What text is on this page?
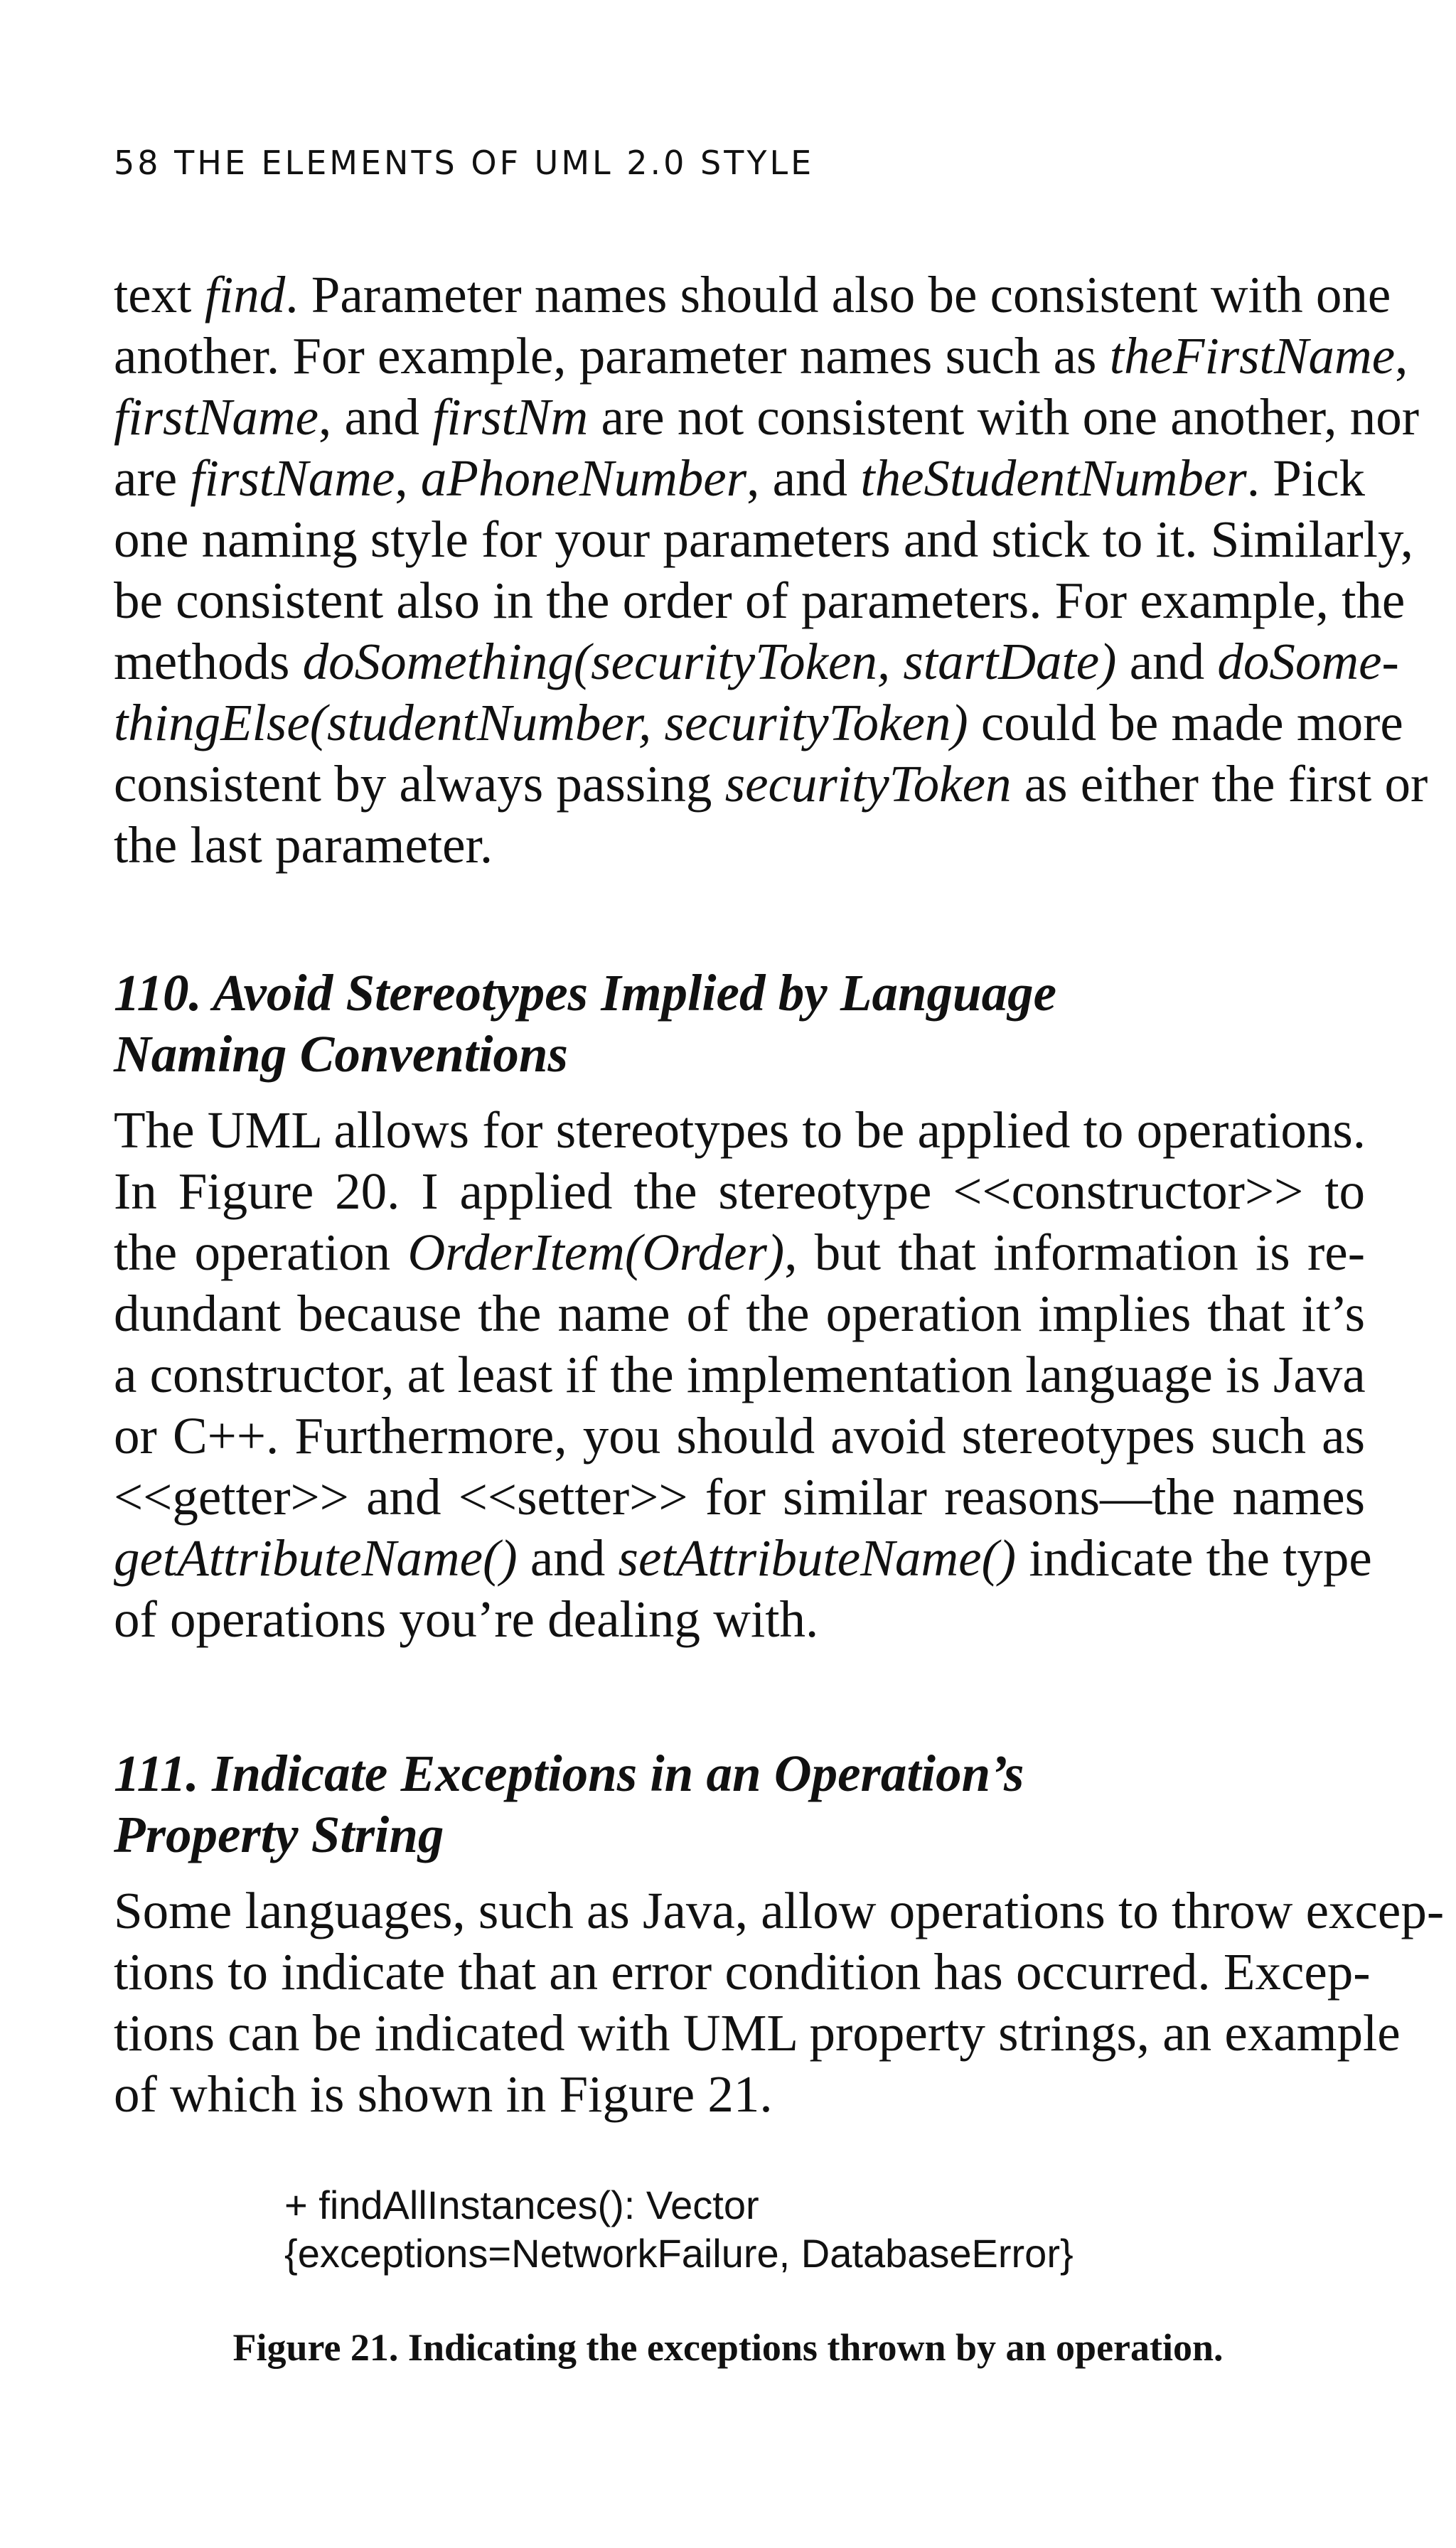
58 THE ELEMENTS OF UML 2.0 STYLE
text find. Parameter names should also be consistent with one
another. For example, parameter names such as theFirstName,
firstName, and firstNm are not consistent with one another, nor
are firstName, aPhoneNumber, and theStudentNumber. Pick
one naming style for your parameters and stick to it. Similarly,
be consistent also in the order of parameters. For example, the
methods doSomething(securityToken, startDate) and doSome-
thingElse(studentNumber, securityToken) could be made more
consistent by always passing securityToken as either the first or
the last parameter.
110. Avoid Stereotypes Implied by Language
Naming Conventions
The UML allows for stereotypes to be applied to operations.
In Figure 20. I applied the stereotype <<constructor>> to
the operation OrderItem(Order), but that information is re-
dundant because the name of the operation implies that it’s
a constructor, at least if the implementation language is Java
or C++. Furthermore, you should avoid stereotypes such as
<<getter>> and <<setter>> for similar reasons—the names
getAttributeName() and setAttributeName() indicate the type
of operations you’re dealing with.
111. Indicate Exceptions in an Operation’s
Property String
Some languages, such as Java, allow operations to throw excep-
tions to indicate that an error condition has occurred. Excep-
tions can be indicated with UML property strings, an example
of which is shown in Figure 21.
+ findAllInstances(): Vector
{exceptions=NetworkFailure, DatabaseError}

Figure 21. Indicating the exceptions thrown by an operation.
